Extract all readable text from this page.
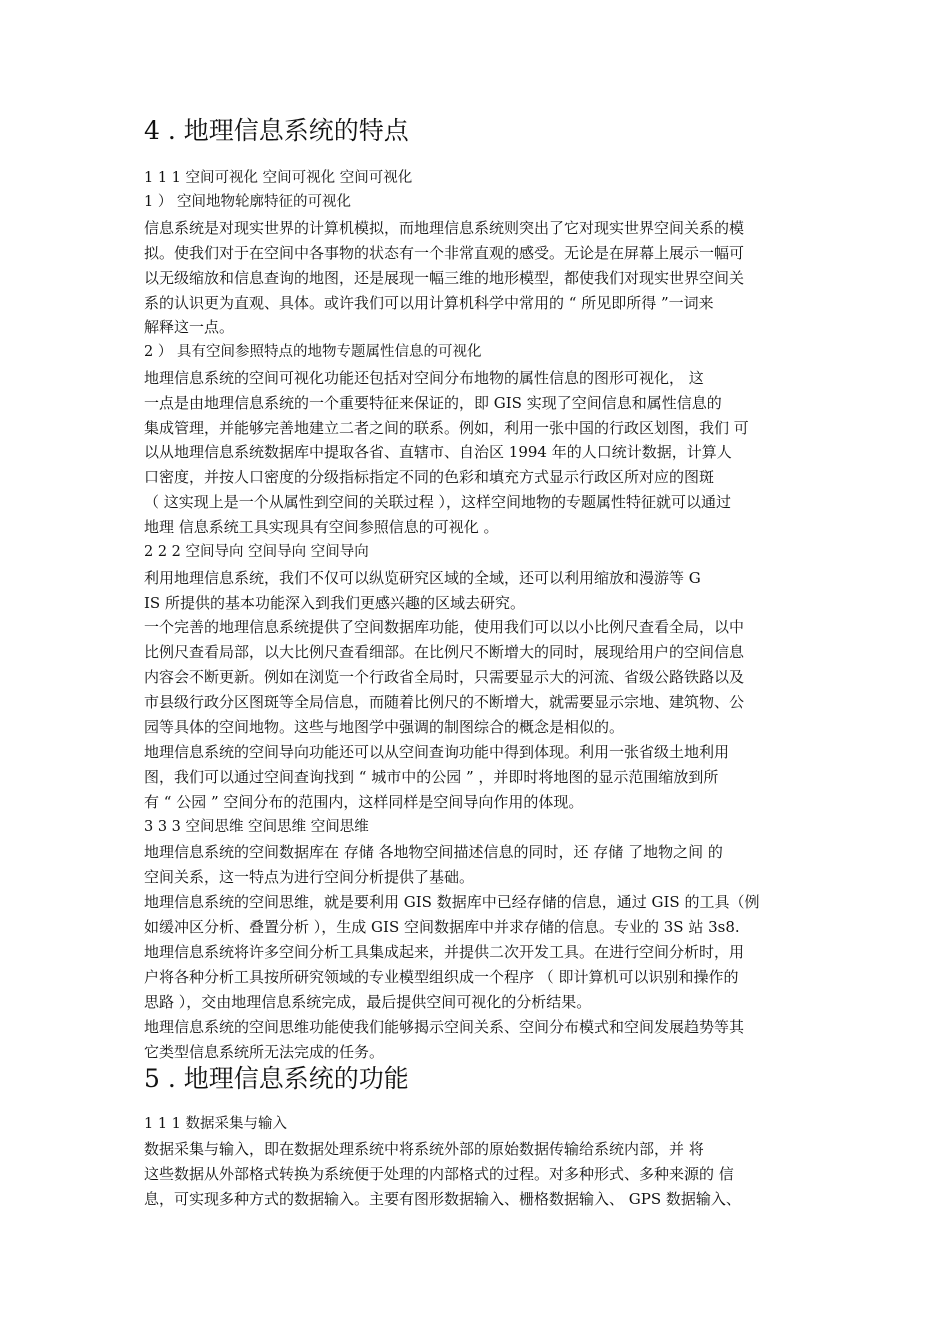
4 . 地理信息系统的特点
1 1 1 空间可视化 空间可视化 空间可视化
1 ） 空间地物轮廓特征的可视化
信息系统是对现实世界的计算机模拟，而地理信息系统则突出了它对现实世界空间关系的模
拟。使我们对于在空间中各事物的状态有一个非常直观的感受。无论是在屏幕上展示一幅可
以无级缩放和信息查询的地图，还是展现一幅三维的地形模型，都使我们对现实世界空间关
系的认识更为直观、具体。或许我们可以用计算机科学中常用的 “ 所见即所得 ”一词来
解释这一点。
2 ） 具有空间参照特点的地物专题属性信息的可视化
地理信息系统的空间可视化功能还包括对空间分布地物的属性信息的图形可视化， 这
一点是由地理信息系统的一个重要特征来保证的，即 GIS 实现了空间信息和属性信息的
集成管理，并能够完善地建立二者之间的联系。例如，利用一张中国的行政区划图，我们 可
以从地理信息系统数据库中提取各省、直辖市、自治区 1994 年的人口统计数据，计算人
口密度，并按人口密度的分级指标指定不同的色彩和填充方式显示行政区所对应的图斑
（ 这实现上是一个从属性到空间的关联过程 ），这样空间地物的专题属性特征就可以通过
地理 信息系统工具实现具有空间参照信息的可视化 。
2 2 2 空间导向 空间导向 空间导向
利用地理信息系统，我们不仅可以纵览研究区域的全域，还可以利用缩放和漫游等 G
IS 所提供的基本功能深入到我们更感兴趣的区域去研究。
一个完善的地理信息系统提供了空间数据库功能，使用我们可以以小比例尺查看全局，以中
比例尺查看局部，以大比例尺查看细部。在比例尺不断增大的同时，展现给用户的空间信息
内容会不断更新。例如在浏览一个行政省全局时，只需要显示大的河流、省级公路铁路以及
市县级行政分区图斑等全局信息，而随着比例尺的不断增大，就需要显示宗地、建筑物、公
园等具体的空间地物。这些与地图学中强调的制图综合的概念是相似的。
地理信息系统的空间导向功能还可以从空间查询功能中得到体现。利用一张省级土地利用
图，我们可以通过空间查询找到 “ 城市中的公园 ” ，并即时将地图的显示范围缩放到所
有 “ 公园 ” 空间分布的范围内，这样同样是空间导向作用的体现。
3 3 3 空间思维 空间思维 空间思维
地理信息系统的空间数据库在 存储 各地物空间描述信息的同时，还 存储 了地物之间 的
空间关系，这一特点为进行空间分析提供了基础。
地理信息系统的空间思维，就是要利用 GIS 数据库中已经存储的信息，通过 GIS 的工具（例
如缓冲区分析、叠置分析 ），生成 GIS 空间数据库中并求存储的信息。专业的 3S 站 3s8.
地理信息系统将许多空间分析工具集成起来，并提供二次开发工具。在进行空间分析时，用
户将各种分析工具按所研究领域的专业模型组织成一个程序 （ 即计算机可以识别和操作的
思路 ），交由地理信息系统完成，最后提供空间可视化的分析结果。
地理信息系统的空间思维功能使我们能够揭示空间关系、空间分布模式和空间发展趋势等其
它类型信息系统所无法完成的任务。
5 . 地理信息系统的功能
1 1 1 数据采集与输入
数据采集与输入，即在数据处理系统中将系统外部的原始数据传输给系统内部，并 将
这些数据从外部格式转换为系统便于处理的内部格式的过程。对多种形式、多种来源的 信
息，可实现多种方式的数据输入。主要有图形数据输入、栅格数据输入、 GPS 数据输入、
